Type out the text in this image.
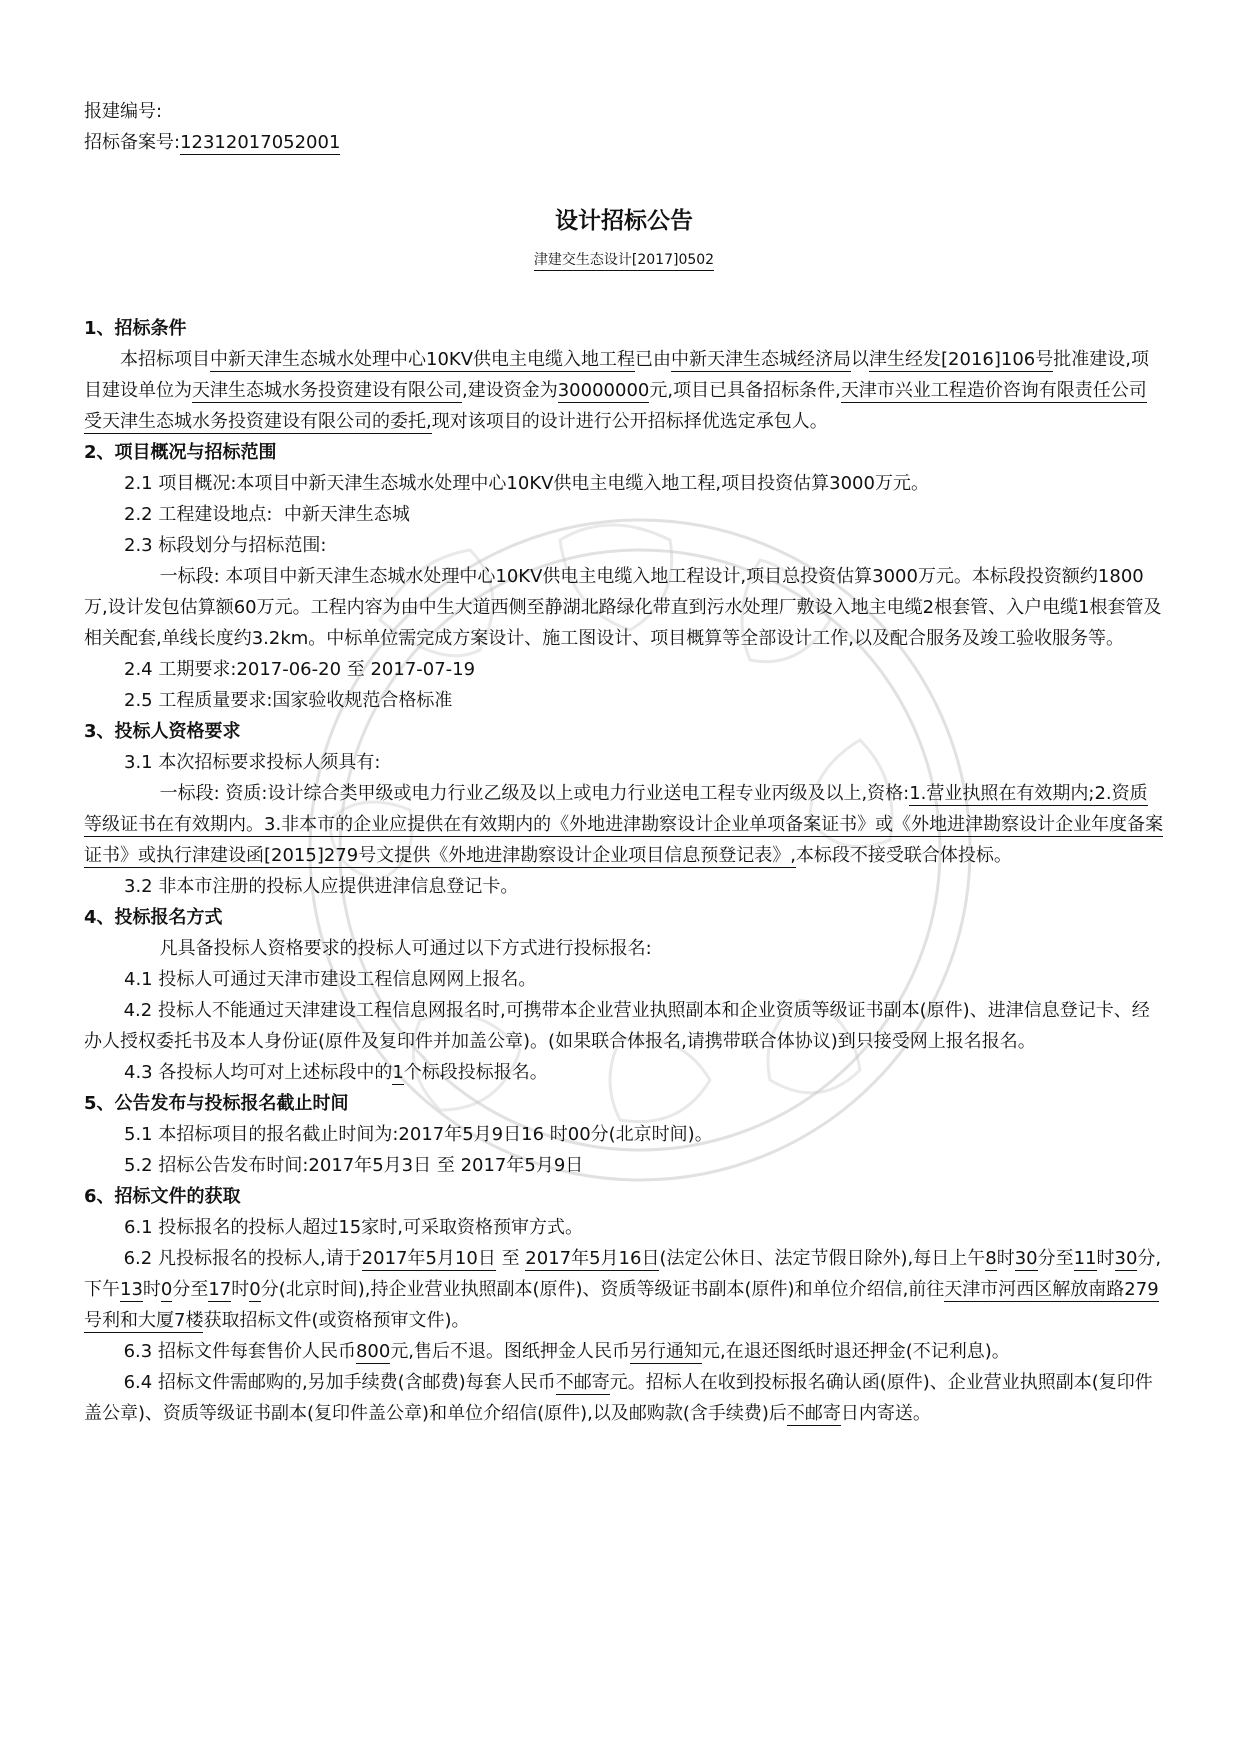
报建编号:

招标备案号:12312017052001

设计招标公告
津建交生态设计[2017]0502

1、招标条件

本招标项目中新天津生态城水处理中心10KV供电主电缆入地工程已由中新天津生态城经济局以津生经发[2016]106号批准建设,项目建设单位为天津生态城水务投资建设有限公司,建设资金为30000000元,项目已具备招标条件,天津市兴业工程造价咨询有限责任公司受天津生态城水务投资建设有限公司的委托,现对该项目的设计进行公开招标择优选定承包人。

2、项目概况与招标范围

2.1 项目概况:本项目中新天津生态城水处理中心10KV供电主电缆入地工程,项目投资估算3000万元。

2.2 工程建设地点: 中新天津生态城

2.3 标段划分与招标范围:

一标段: 本项目中新天津生态城水处理中心10KV供电主电缆入地工程设计,项目总投资估算3000万元。本标段投资额约1800万,设计发包估算额60万元。工程内容为由中生大道西侧至静湖北路绿化带直到污水处理厂敷设入地主电缆2根套管、入户电缆1根套管及相关配套,单线长度约3.2km。中标单位需完成方案设计、施工图设计、项目概算等全部设计工作,以及配合服务及竣工验收服务等。

2.4 工期要求:2017-06-20 至 2017-07-19

2.5 工程质量要求:国家验收规范合格标准

3、投标人资格要求

3.1 本次招标要求投标人须具有:

一标段: 资质:设计综合类甲级或电力行业乙级及以上或电力行业送电工程专业丙级及以上,资格:1.营业执照在有效期内;2.资质等级证书在有效期内。3.非本市的企业应提供在有效期内的《外地进津勘察设计企业单项备案证书》或《外地进津勘察设计企业年度备案证书》或执行津建设函[2015]279号文提供《外地进津勘察设计企业项目信息预登记表》,本标段不接受联合体投标。

3.2 非本市注册的投标人应提供进津信息登记卡。

4、投标报名方式

凡具备投标人资格要求的投标人可通过以下方式进行投标报名:

4.1 投标人可通过天津市建设工程信息网网上报名。

4.2 投标人不能通过天津建设工程信息网报名时,可携带本企业营业执照副本和企业资质等级证书副本(原件)、进津信息登记卡、经办人授权委托书及本人身份证(原件及复印件并加盖公章)。(如果联合体报名,请携带联合体协议)到只接受网上报名报名。

4.3 各投标人均可对上述标段中的1个标段投标报名。

5、公告发布与投标报名截止时间

5.1 本招标项目的报名截止时间为:2017年5月9日16 时00分(北京时间)。

5.2 招标公告发布时间:2017年5月3日 至 2017年5月9日

6、招标文件的获取

6.1 投标报名的投标人超过15家时,可采取资格预审方式。

6.2 凡投标报名的投标人,请于2017年5月10日 至 2017年5月16日(法定公休日、法定节假日除外),每日上午8时30分至11时30分,下午13时0分至17时0分(北京时间),持企业营业执照副本(原件)、资质等级证书副本(原件)和单位介绍信,前往天津市河西区解放南路279号利和大厦7楼获取招标文件(或资格预审文件)。

6.3 招标文件每套售价人民币800元,售后不退。图纸押金人民币另行通知元,在退还图纸时退还押金(不记利息)。

6.4 招标文件需邮购的,另加手续费(含邮费)每套人民币不邮寄元。招标人在收到投标报名确认函(原件)、企业营业执照副本(复印件盖公章)、资质等级证书副本(复印件盖公章)和单位介绍信(原件),以及邮购款(含手续费)后不邮寄日内寄送。
